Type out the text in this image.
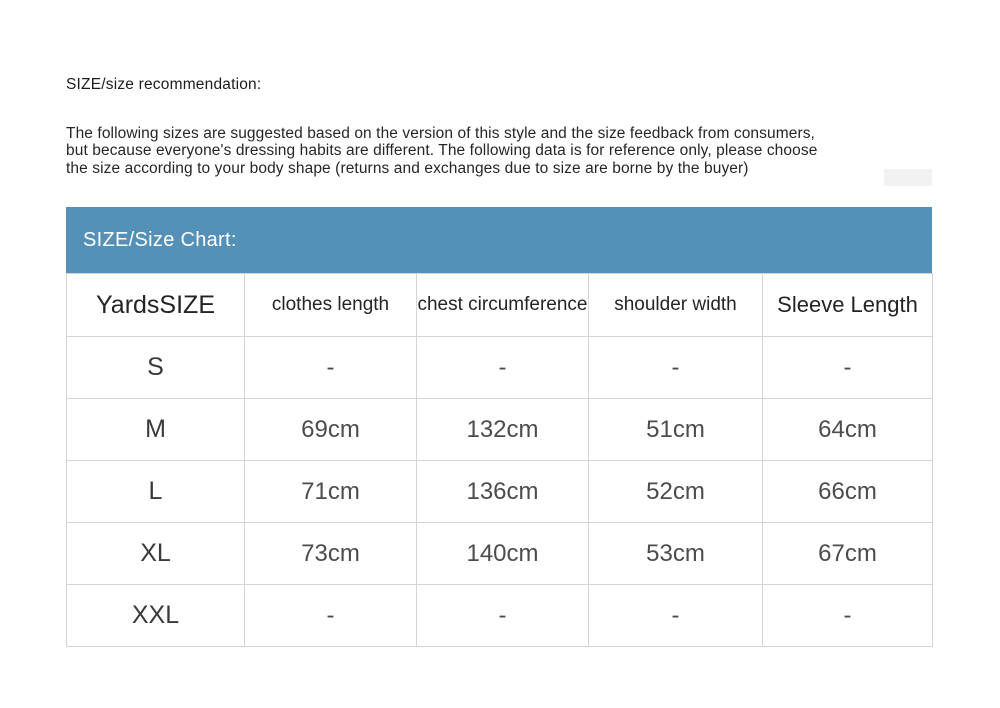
SIZE/size recommendation:
The following sizes are suggested based on the version of this style and the size feedback from consumers,
but because everyone's dressing habits are different. The following data is for reference only, please choose
the size according to your body shape (returns and exchanges due to size are borne by the buyer)
SIZE/Size Chart:
YardsSIZE	clothes length	chest circumference	shoulder width	Sleeve Length
S	-	-	-	-
M	69cm	132cm	51cm	64cm
L	71cm	136cm	52cm	66cm
XL	73cm	140cm	53cm	67cm
XXL	-	-	-	-
